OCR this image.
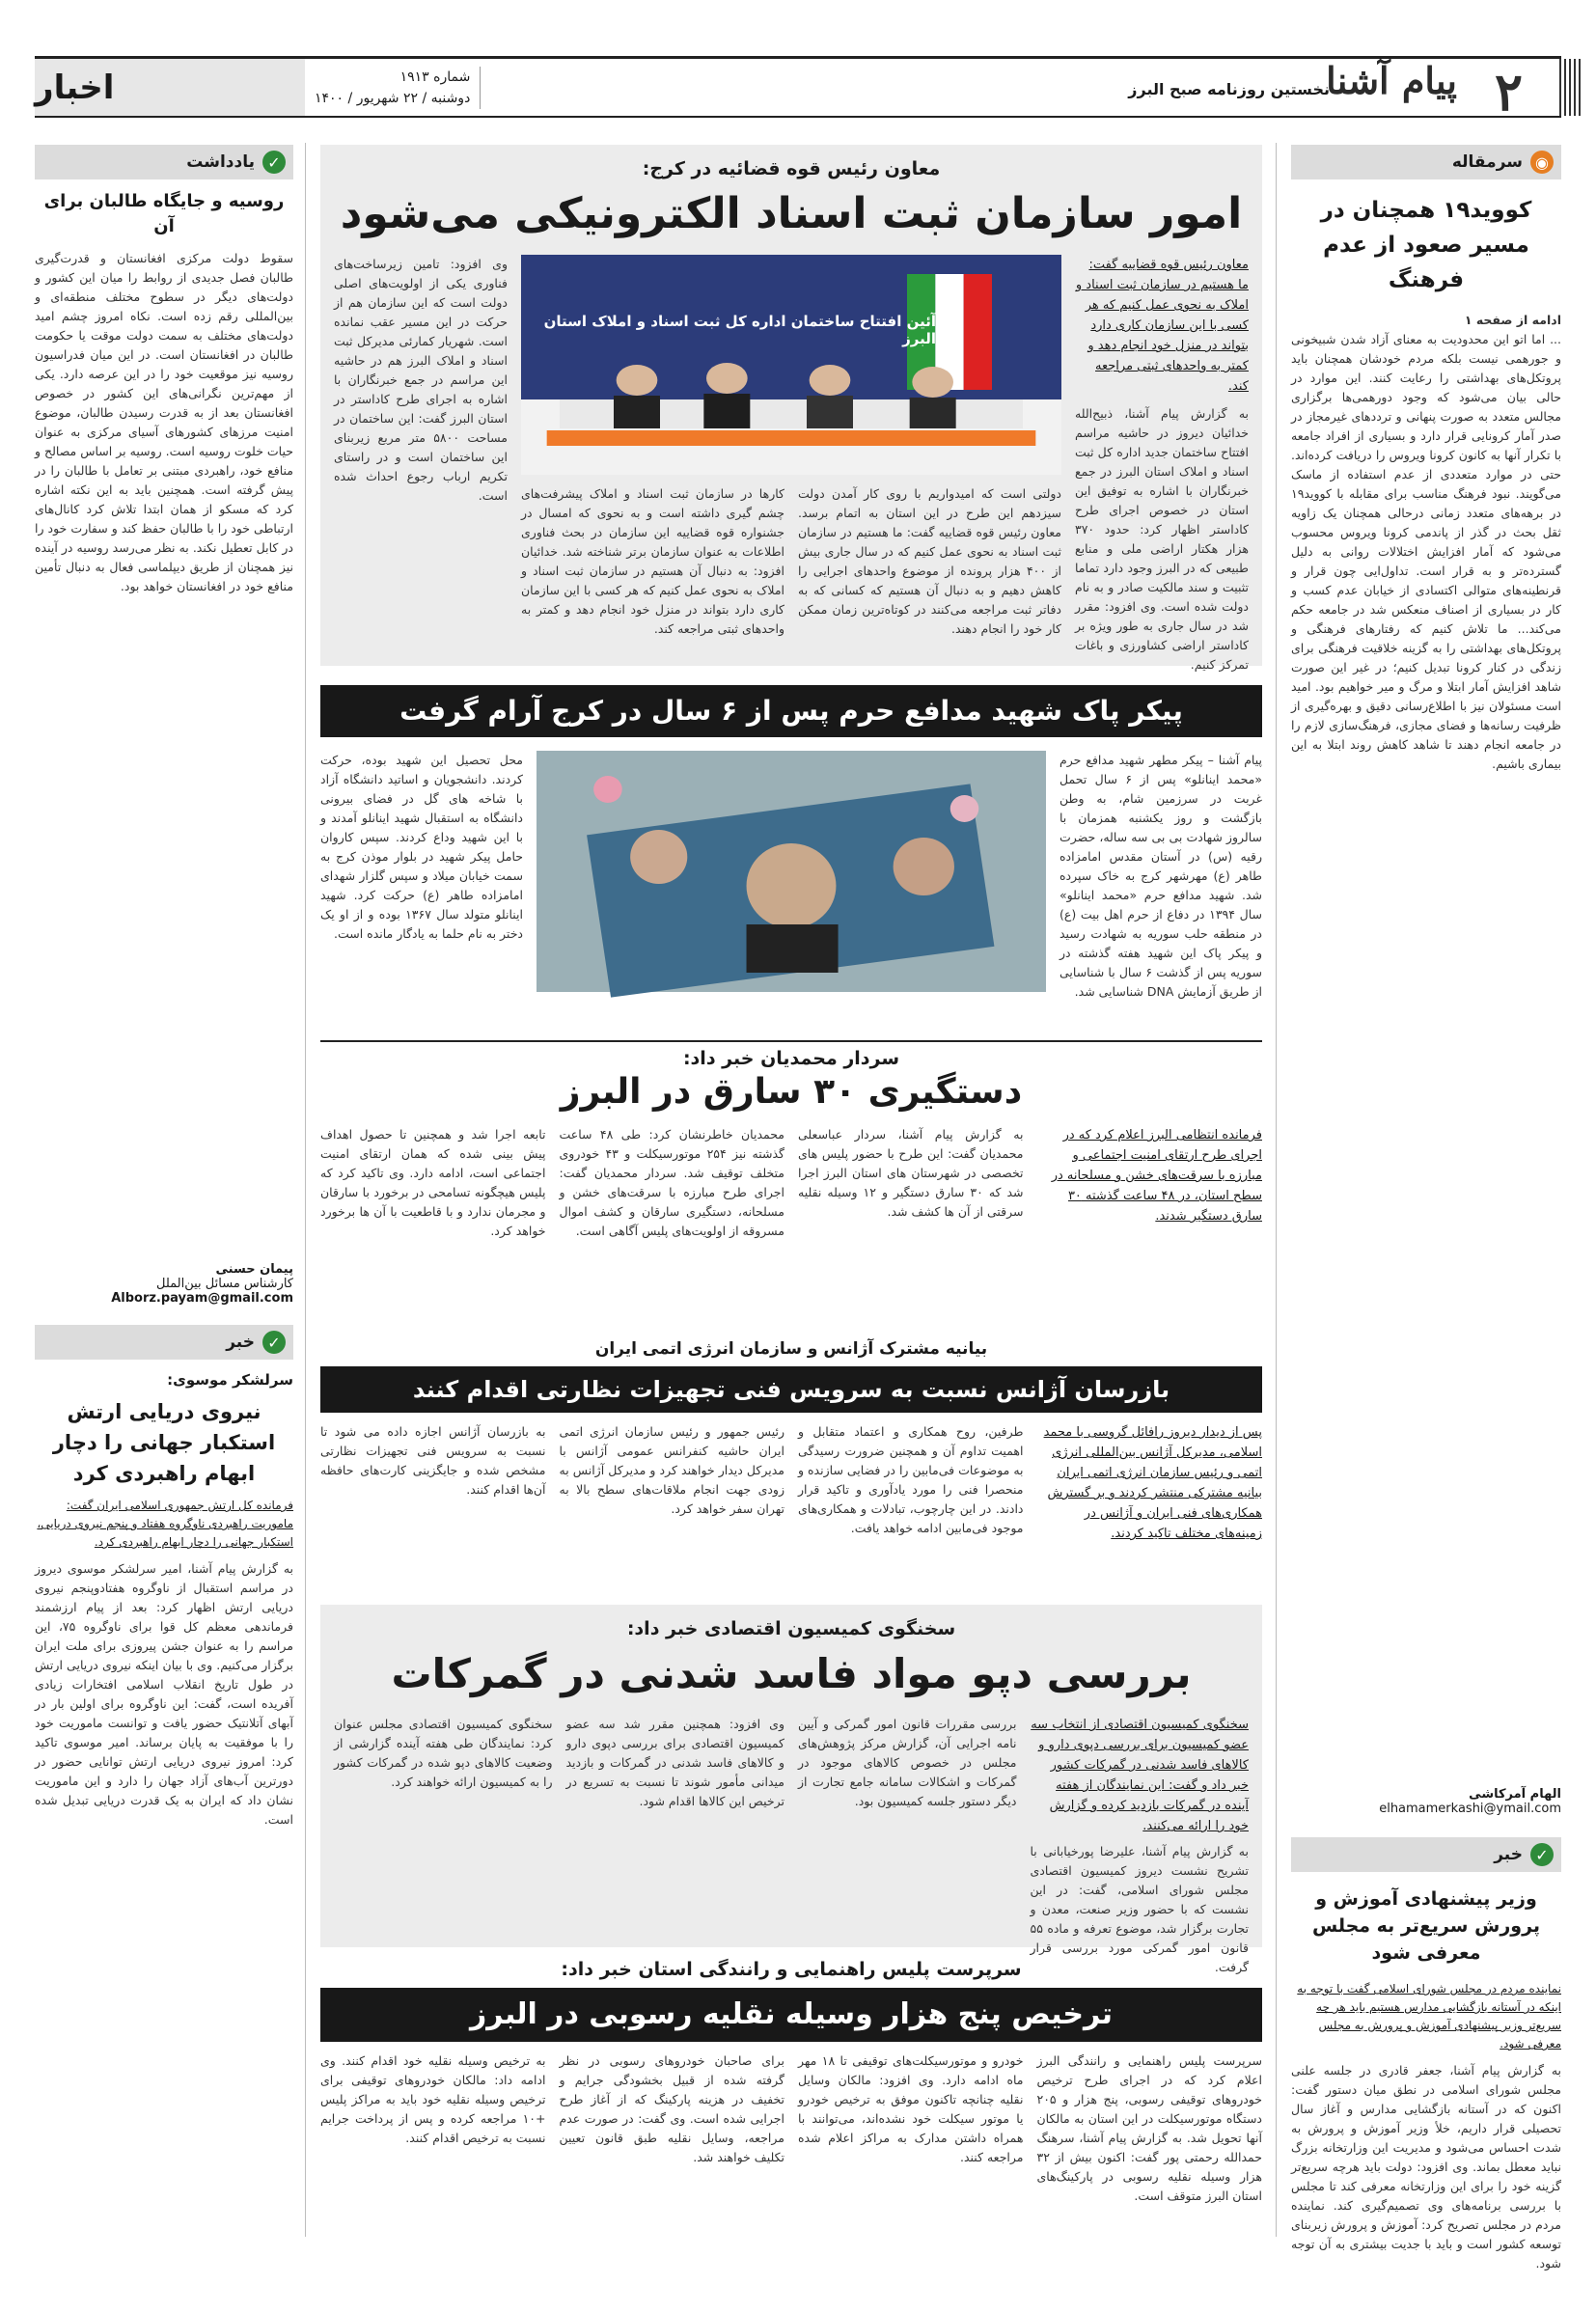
۲
پیام آشنا
نخستین روزنامه صبح البرز
شماره ۱۹۱۳
دوشنبه / ۲۲ شهریور / ۱۴۰۰
اخبار
◉
سرمقاله
کووید۱۹ همچنان در مسیر صعود از عدم فرهنگ
ادامه از صفحه ۱
... اما اتو این محدودیت به معنای آزاد شدن شبیخونی و جورهمی نیست بلکه مردم خودشان همچنان باید پروتکل‌های بهداشتی را رعایت کنند. این موارد در حالی بیان می‌شود که وجود دورهمی‌ها برگزاری مجالس متعدد به صورت پنهانی و تردد‌های غیرمجاز در صدر آمار کرونایی قرار دارد و بسیاری از افراد جامعه با تکرار آنها به کانون کرونا ویروس را دریافت کرده‌اند. حتی در موارد متعددی از عدم استفاده از ماسک می‌گویند. نبود فرهنگ مناسب برای مقابله با کووید۱۹ در برهه‌های متعدد زمانی درحالی همچنان یک زاویه ثقل بحث در گذر از پاندمی کرونا ویروس محسوب می‌شود که آمار افزایش اختلالات روانی به دلیل گسترده‌تر و به قرار است. تداول‌ایی چون قرار و قرنطینه‌های متوالی اکتسادی از خیابان عدم کسب و کار در بسیاری از اصناف منعکس شد در جامعه حکم می‌کند... ما تلاش کنیم که رفتارهای فرهنگی و پروتکل‌های بهداشتی را به گزینه خلاقیت فرهنگی برای زندگی در کنار کرونا تبدیل کنیم؛ در غیر این صورت شاهد افزایش آمار ابتلا و مرگ و میر خواهیم بود. امید است مسئولان نیز با اطلاع‌رسانی دقیق و بهره‌گیری از ظرفیت رسانه‌ها و فضای مجازی، فرهنگ‌سازی لازم را در جامعه انجام دهند تا شاهد کاهش روند ابتلا به این بیماری باشیم.
الهام آمرکاشی
elhamamerkashi@ymail.com
✓
خبر
وزیر پیشنهادی آموزش و پرورش سریع‌تر به مجلس معرفی شود
نماینده مردم در مجلس شورای اسلامی گفت با توجه به اینکه در آستانه بازگشایی مدارس هستیم باید هر چه سریع‌تر وزیر پیشنهادی آموزش و پرورش به مجلس معرفی شود.
به گزارش پیام آشنا، جعفر قادری در جلسه علنی مجلس شورای اسلامی در نطق میان دستور گفت: اکنون که در آستانه بازگشایی مدارس و آغاز سال تحصیلی قرار داریم، خلأ وزیر آموزش و پرورش به شدت احساس می‌شود و مدیریت این وزارتخانه بزرگ نباید معطل بماند. وی افزود: دولت باید هرچه سریع‌تر گزینه خود را برای این وزارتخانه معرفی کند تا مجلس با بررسی برنامه‌های وی تصمیم‌گیری کند. نماینده مردم در مجلس تصریح کرد: آموزش و پرورش زیربنای توسعه کشور است و باید با جدیت بیشتری به آن توجه شود.
معاون رئیس قوه قضائیه در کرج:
امور سازمان ثبت اسناد الکترونیکی می‌شود
معاون رئیس قوه قضاییه گفت: ما هستیم در سازمان ثبت اسناد و املاک به نحوی عمل کنیم که هر کسی با این سازمان کاری دارد بتواند در منزل خود انجام دهد و کمتر به واحدهای ثبتی مراجعه کند.
به گزارش پیام آشنا، ذبیح‌الله خدائیان دیروز در حاشیه مراسم افتتاح ساختمان جدید اداره کل ثبت اسناد و املاک استان البرز در جمع خبرنگاران با اشاره به توفیق این استان در خصوص اجرای طرح کاداستر اظهار کرد: حدود ۳۷۰ هزار هکتار اراضی ملی و منابع طبیعی که در البرز وجود دارد تماما تثبیت و سند مالکیت صادر و به نام دولت شده است. وی افزود: مقرر شد در سال جاری به طور ویژه بر کاداستر اراضی کشاورزی و باغات تمرکز کنیم.
آئین افتتاح ساختمان اداره کل ثبت اسناد و املاک استان البرز
دولتی است که امیدواریم با روی کار آمدن دولت سیزدهم این طرح در این استان به اتمام برسد. معاون رئیس قوه قضاییه گفت: ما هستیم در سازمان ثبت اسناد به نحوی عمل کنیم که در سال جاری بیش از ۴۰۰ هزار پرونده از موضوع واحدهای اجرایی را کاهش دهیم و به دنبال آن هستیم که کسانی که به دفاتر ثبت مراجعه می‌کنند در کوتاه‌ترین زمان ممکن کار خود را انجام دهند.
کارها در سازمان ثبت اسناد و املاک پیشرفت‌های چشم گیری داشته است و به نحوی که امسال در جشنواره قوه قضاییه این سازمان در بحث فناوری اطلاعات به عنوان سازمان برتر شناخته شد. خدائیان افزود: به دنبال آن هستیم در سازمان ثبت اسناد و املاک به نحوی عمل کنیم که هر کسی با این سازمان کاری دارد بتواند در منزل خود انجام دهد و کمتر به واحدهای ثبتی مراجعه کند.
وی افزود: تامین زیرساخت‌های فناوری یکی از اولویت‌های اصلی دولت است که این سازمان هم از حرکت در این مسیر عقب نمانده است. شهریار کمارئی مدیرکل ثبت اسناد و املاک البرز هم در حاشیه این مراسم در جمع خبرنگاران با اشاره به اجرای طرح کاداستر در استان البرز گفت: این ساختمان در مساحت ۵۸۰۰ متر مربع زیربنای این ساختمان است و در راستای تکریم ارباب رجوع احداث شده است.
پیکر پاک شهید مدافع حرم پس از ۶ سال در کرج آرام گرفت
پیام آشنا – پیکر مطهر شهید مدافع حرم «محمد اینانلو» پس از ۶ سال تحمل غربت در سرزمین شام، به وطن بازگشت و روز یکشنبه همزمان با سالروز شهادت بی بی سه ساله، حضرت رقیه (س) در آستان مقدس امامزاده طاهر (ع) مهرشهر کرج به خاک سپرده شد. شهید مدافع حرم «محمد اینانلو» سال ۱۳۹۴ در دفاع از حرم اهل بیت (ع) در منطقه حلب سوریه به شهادت رسید و پیکر پاک این شهید هفته گذشته در سوریه پس از گذشت ۶ سال با شناسایی از طریق آزمایش DNA شناسایی شد.
محل تحصیل این شهید بوده، حرکت کردند. دانشجویان و اساتید دانشگاه آزاد با شاخه های گل در فضای بیرونی دانشگاه به استقبال شهید اینانلو آمدند و با این شهید وداع کردند. سپس کاروان حامل پیکر شهید در بلوار موذن کرج به سمت خیابان میلاد و سپس گلزار شهدای امامزاده طاهر (ع) حرکت کرد. شهید اینانلو متولد سال ۱۳۶۷ بوده و از او یک دختر به نام حلما به یادگار مانده است.
سردار محمدیان خبر داد:
دستگیری ۳۰ سارق در البرز
فرمانده انتظامی البرز اعلام کرد که در اجرای طرح ارتقای امنیت اجتماعی و مبارزه با سرقت‌های خشن و مسلحانه در سطح استان، در ۴۸ ساعت گذشته ۳۰ سارق دستگیر شدند.
به گزارش پیام آشنا، سردار عباسعلی محمدیان گفت: این طرح با حضور پلیس های تخصصی در شهرستان های استان البرز اجرا شد که ۳۰ سارق دستگیر و ۱۲ وسیله نقلیه سرقتی از آن ها کشف شد.
محمدیان خاطرنشان کرد: طی ۴۸ ساعت گذشته نیز ۲۵۴ موتورسیکلت و ۴۳ خودروی متخلف توقیف شد. سردار محمدیان گفت: اجرای طرح مبارزه با سرقت‌های خشن و مسلحانه، دستگیری سارقان و کشف اموال مسروقه از اولویت‌های پلیس آگاهی است.
تابعه اجرا شد و همچنین تا حصول اهداف پیش بینی شده که همان ارتقای امنیت اجتماعی است، ادامه دارد. وی تاکید کرد که پلیس هیچگونه تسامحی در برخورد با سارقان و مجرمان ندارد و با قاطعیت با آن ها برخورد خواهد کرد.
بیانیه مشترک آژانس و سازمان انرژی اتمی ایران
بازرسان آژانس نسبت به سرویس فنی تجهیزات نظارتی اقدام کنند
پس از دیدار دیروز رافائل گروسی با محمد اسلامی، مدیرکل آژانس بین‌المللی انرژی اتمی و رئیس سازمان انرژی اتمی ایران بیانیه مشترکی منتشر کردند و بر گسترش همکاری‌های فنی ایران و آژانس در زمینه‌های مختلف تاکید کردند.
طرفین، روح همکاری و اعتماد متقابل و اهمیت تداوم آن و همچنین ضرورت رسیدگی به موضوعات فی‌مابین را در فضایی سازنده و منحصرا فنی را مورد یادآوری و تاکید قرار دادند. در این چارچوب، تبادلات و همکاری‌های موجود فی‌مابین ادامه خواهد یافت.
رئیس جمهور و رئیس سازمان انرژی اتمی ایران حاشیه کنفرانس عمومی آژانس با مدیرکل دیدار خواهند کرد و مدیرکل آژانس به زودی جهت انجام ملاقات‌های سطح بالا به تهران سفر خواهد کرد.
به بازرسان آژانس اجازه داده می شود تا نسبت به سرویس فنی تجهیزات نظارتی مشخص شده و جایگزینی کارت‌های حافظه آن‌ها اقدام کنند.
سخنگوی کمیسیون اقتصادی خبر داد:
بررسی دپو مواد فاسد شدنی در گمرکات
سخنگوی کمیسیون اقتصادی از انتخاب سه عضو کمیسیون برای بررسی دپوی دارو و کالاهای فاسد شدنی در گمرکات کشور خبر داد و گفت: این نمایندگان از هفته آینده در گمرکات بازدید کرده و گزارش خود را ارائه می‌کنند.
به گزارش پیام آشنا، علیرضا پورخیابانی با تشریح نشست دیروز کمیسیون اقتصادی مجلس شورای اسلامی، گفت: در این نشست که با حضور وزیر صنعت، معدن و تجارت برگزار شد، موضوع تعرفه و ماده ۵۵ قانون امور گمرکی مورد بررسی قرار گرفت.
بررسی مقررات قانون امور گمرکی و آیین نامه اجرایی آن، گزارش مرکز پژوهش‌های مجلس در خصوص کالاهای موجود در گمرکات و اشکالات سامانه جامع تجارت از دیگر دستور جلسه کمیسیون بود.
وی افزود: همچنین مقرر شد سه عضو کمیسیون اقتصادی برای بررسی دپوی دارو و کالاهای فاسد شدنی در گمرکات و بازدید میدانی مأمور شوند تا نسبت به تسریع در ترخیص این کالاها اقدام شود.
سخنگوی کمیسیون اقتصادی مجلس عنوان کرد: نمایندگان طی هفته آینده گزارشی از وضعیت کالاهای دپو شده در گمرکات کشور را به کمیسیون ارائه خواهند کرد.
سرپرست پلیس راهنمایی و رانندگی استان خبر داد:
ترخیص پنج هزار وسیله نقلیه رسوبی در البرز
سرپرست پلیس راهنمایی و رانندگی البرز اعلام کرد که در اجرای طرح ترخیص خودروهای توقیفی رسوبی، پنج هزار و ۲۰۵ دستگاه موتورسیکلت در این استان به مالکان آنها تحویل شد. به گزارش پیام آشنا، سرهنگ حمدالله رحمتی پور گفت: اکنون بیش از ۳۲ هزار وسیله نقلیه رسوبی در پارکینگ‌های استان البرز متوقف است.
خودرو و موتورسیکلت‌های توقیفی تا ۱۸ مهر ماه ادامه دارد. وی افزود: مالکان وسایل نقلیه چنانچه تاکنون موفق به ترخیص خودرو یا موتور سیکلت خود نشده‌اند، می‌توانند با همراه داشتن مدارک به مراکز اعلام شده مراجعه کنند.
برای صاحبان خودروهای رسوبی در نظر گرفته شده از قبیل بخشودگی جرایم و تخفیف در هزینه پارکینگ که از آغاز طرح اجرایی شده است. وی گفت: در صورت عدم مراجعه، وسایل نقلیه طبق قانون تعیین تکلیف خواهند شد.
به ترخیص وسیله نقلیه خود اقدام کنند. وی ادامه داد: مالکان خودروهای توقیفی برای ترخیص وسیله نقلیه خود باید به مراکز پلیس +۱۰ مراجعه کرده و پس از پرداخت جرایم نسبت به ترخیص اقدام کنند.
✓
یادداشت
روسیه و جایگاه طالبان برای آن
سقوط دولت مرکزی افغانستان و قدرت‌گیری طالبان فصل جدیدی از روابط را میان این کشور و دولت‌های دیگر در سطوح مختلف منطقه‌ای و بین‌المللی رقم زده است. نکاه امروز چشم امید دولت‌های مختلف به سمت دولت موقت یا حکومت طالبان در افغانستان است. در این میان فدراسیون روسیه نیز موقعیت خود را در این عرصه دارد. یکی از مهم‌ترین نگرانی‌های این کشور در خصوص افغانستان بعد از به قدرت رسیدن طالبان، موضوع امنیت مرزهای کشورهای آسیای مرکزی به عنوان حیات خلوت روسیه است. روسیه بر اساس مصالح و منافع خود، راهبردی مبتنی بر تعامل با طالبان را در پیش گرفته است. همچنین باید به این نکته اشاره کرد که مسکو از همان ابتدا تلاش کرد کانال‌های ارتباطی خود را با طالبان حفظ کند و سفارت خود را در کابل تعطیل نکند. به نظر می‌رسد روسیه در آینده نیز همچنان از طریق دیپلماسی فعال به دنبال تأمین منافع خود در افغانستان خواهد بود.
پیمان حسنی
کارشناس مسائل بین‌الملل
Alborz.payam@gmail.com
✓
خبر
سرلشکر موسوی:
نیروی دریایی ارتش استکبار جهانی را دچار ابهام راهبردی کرد
فرمانده کل ارتش جمهوری اسلامی ایران گفت: ماموریت راهبردی ناوگروه هفتاد و پنجم نیروی دریایی، استکبار جهانی را دچار ابهام راهبردی کرد.
به گزارش پیام آشنا، امیر سرلشکر موسوی دیروز در مراسم استقبال از ناوگروه هفتادوپنجم نیروی دریایی ارتش اظهار کرد: بعد از پیام ارزشمند فرماندهی معظم کل قوا برای ناوگروه ۷۵، این مراسم را به عنوان جشن پیروزی برای ملت ایران برگزار می‌کنیم. وی با بیان اینکه نیروی دریایی ارتش در طول تاریخ انقلاب اسلامی افتخارات زیادی آفریده است، گفت: این ناوگروه برای اولین بار در آبهای آتلانتیک حضور یافت و توانست ماموریت خود را با موفقیت به پایان برساند. امیر موسوی تاکید کرد: امروز نیروی دریایی ارتش توانایی حضور در دورترین آب‌های آزاد جهان را دارد و این ماموریت نشان داد که ایران به یک قدرت دریایی تبدیل شده است.
